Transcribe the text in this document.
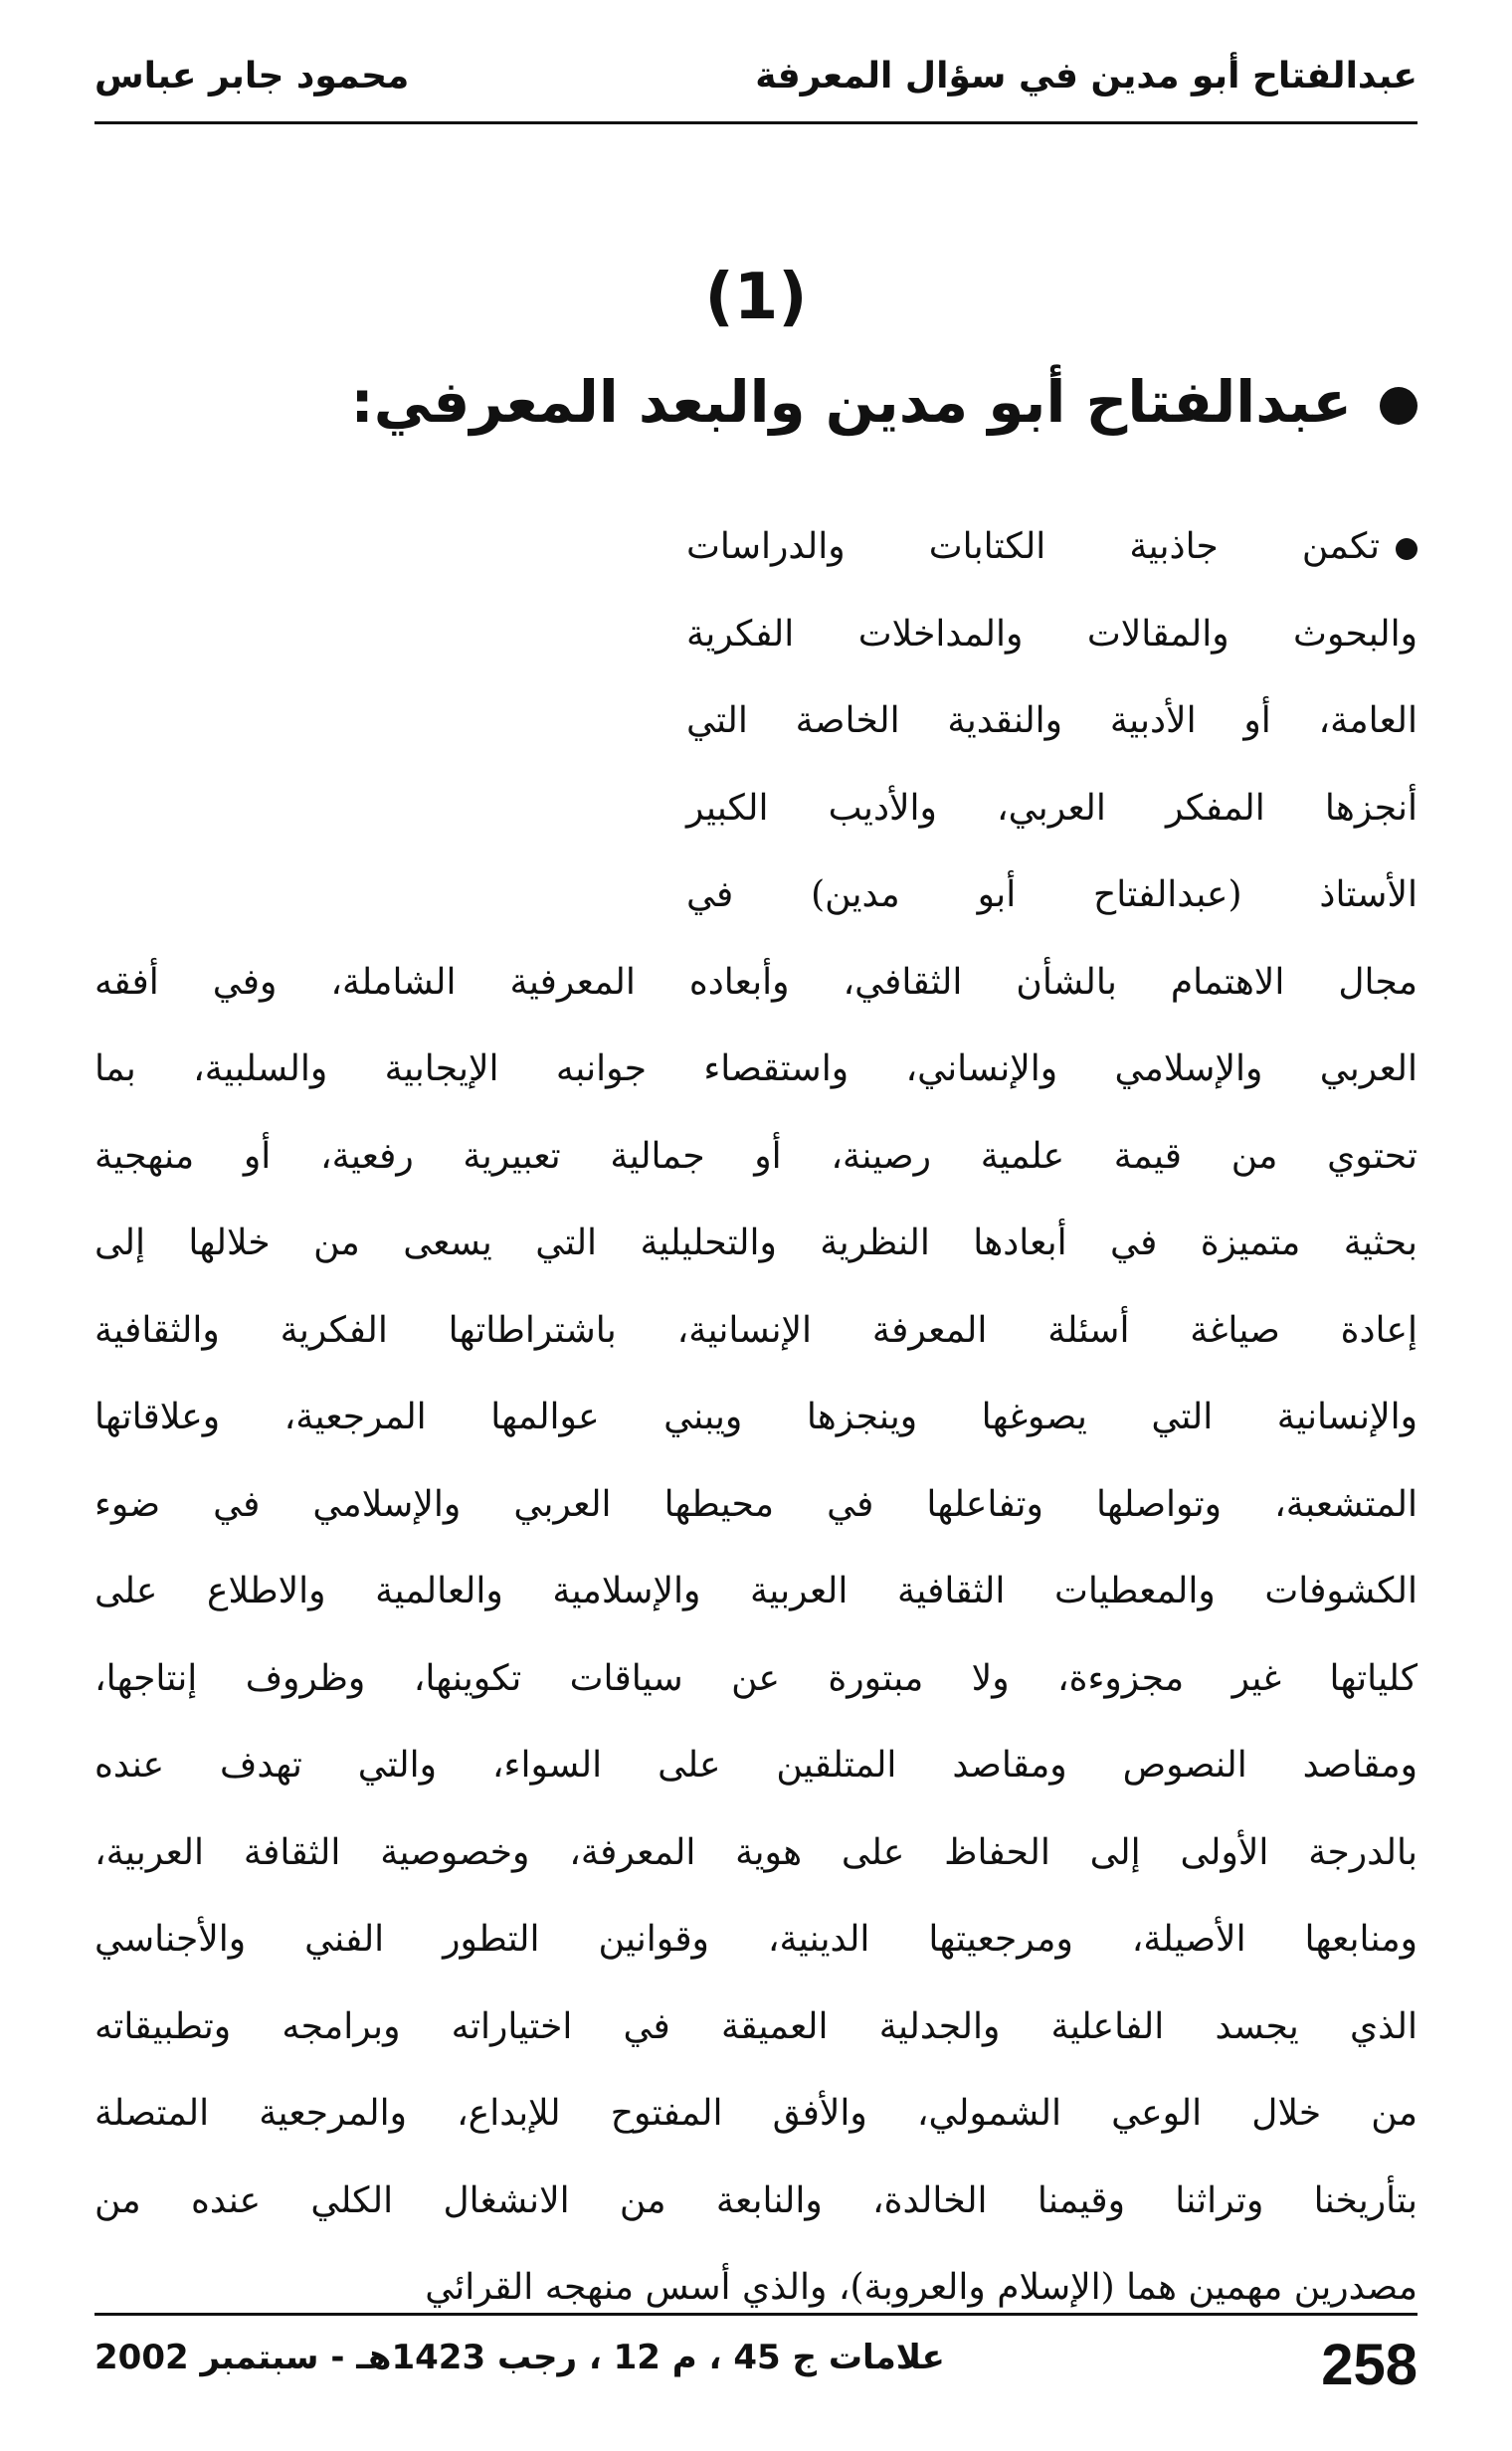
عبدالفتاح أبو مدين في سؤال المعرفة
محمود جابر عباس
(1)
عبدالفتاح أبو مدين والبعد المعرفي:
تكمن جاذبية الكتابات والدراسات
والبحوث والمقالات والمداخلات الفكرية
العامة، أو الأدبية والنقدية الخاصة التي
أنجزها المفكر العربي، والأديب الكبير
الأستاذ (عبدالفتاح أبو مدين) في
مجال الاهتمام بالشأن الثقافي، وأبعاده المعرفية الشاملة، وفي أفقه
العربي والإسلامي والإنساني، واستقصاء جوانبه الإيجابية والسلبية، بما
تحتوي من قيمة علمية رصينة، أو جمالية تعبيرية رفعية، أو منهجية
بحثية متميزة في أبعادها النظرية والتحليلية التي يسعى من خلالها إلى
إعادة صياغة أسئلة المعرفة الإنسانية، باشتراطاتها الفكرية والثقافية
والإنسانية التي يصوغها وينجزها ويبني عوالمها المرجعية، وعلاقاتها
المتشعبة، وتواصلها وتفاعلها في محيطها العربي والإسلامي في ضوء
الكشوفات والمعطيات الثقافية العربية والإسلامية والعالمية والاطلاع على
كلياتها غير مجزوءة، ولا مبتورة عن سياقات تكوينها، وظروف إنتاجها،
ومقاصد النصوص ومقاصد المتلقين على السواء، والتي تهدف عنده
بالدرجة الأولى إلى الحفاظ على هوية المعرفة، وخصوصية الثقافة العربية،
ومنابعها الأصيلة، ومرجعيتها الدينية، وقوانين التطور الفني والأجناسي
الذي يجسد الفاعلية والجدلية العميقة في اختياراته وبرامجه وتطبيقاته
من خلال الوعي الشمولي، والأفق المفتوح للإبداع، والمرجعية المتصلة
بتأريخنا وتراثنا وقيمنا الخالدة، والنابعة من الانشغال الكلي عنده من
مصدرين مهمين هما (الإسلام والعروبة)، والذي أسس منهجه القرائي
258
علامات ج 45 ، م 12 ، رجب 1423هـ - سبتمبر 2002
